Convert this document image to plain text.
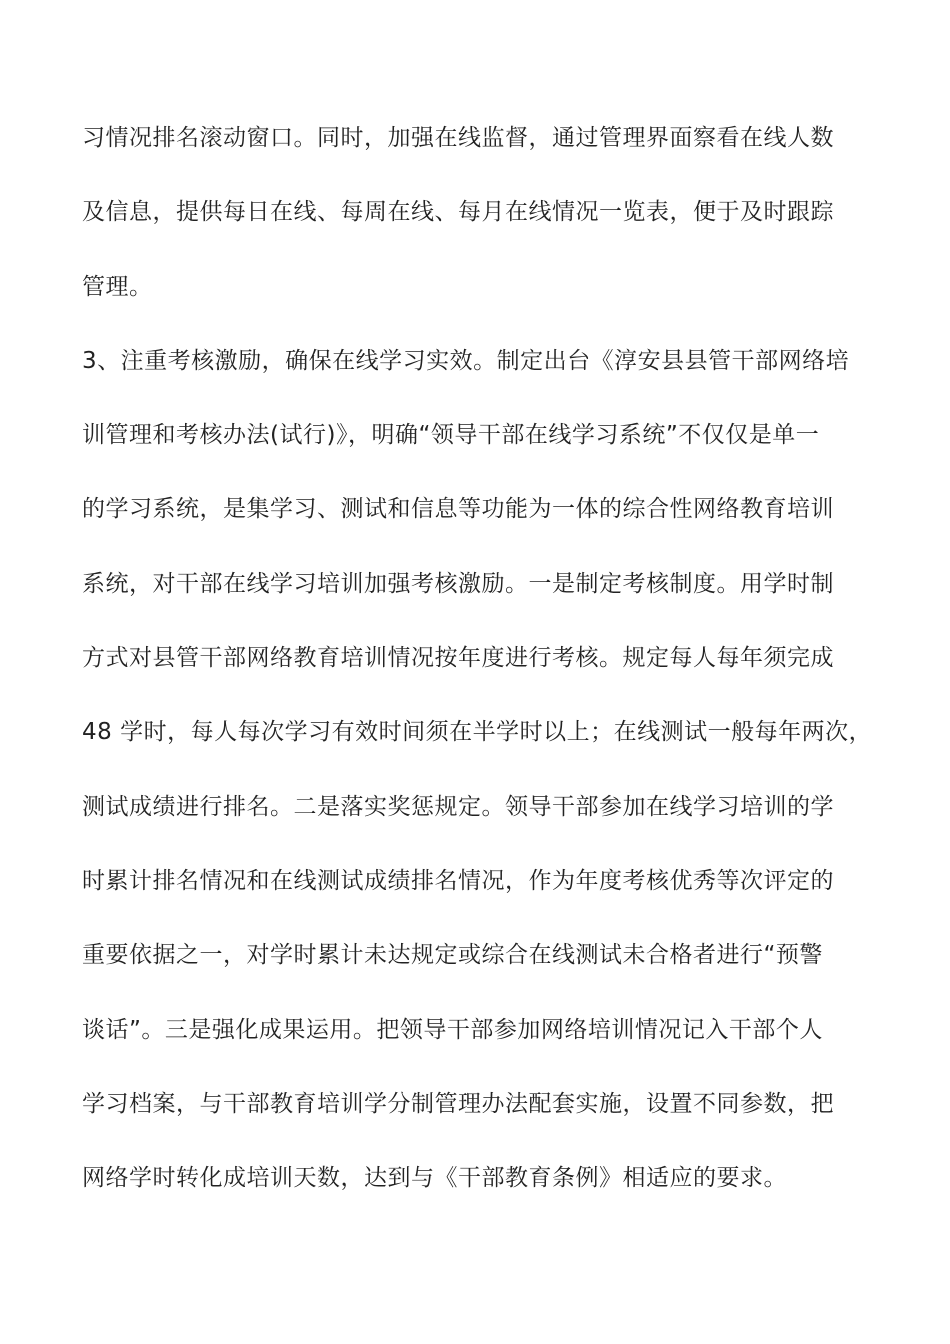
习情况排名滚动窗口。同时，加强在线监督，通过管理界面察看在线人数
及信息，提供每日在线、每周在线、每月在线情况一览表，便于及时跟踪
管理。
3、注重考核激励，确保在线学习实效。制定出台《淳安县县管干部网络培
训管理和考核办法(试行)》，明确“领导干部在线学习系统”不仅仅是单一
的学习系统，是集学习、测试和信息等功能为一体的综合性网络教育培训
系统，对干部在线学习培训加强考核激励。一是制定考核制度。用学时制
方式对县管干部网络教育培训情况按年度进行考核。规定每人每年须完成
48 学时，每人每次学习有效时间须在半学时以上；在线测试一般每年两次，
测试成绩进行排名。二是落实奖惩规定。领导干部参加在线学习培训的学
时累计排名情况和在线测试成绩排名情况，作为年度考核优秀等次评定的
重要依据之一，对学时累计未达规定或综合在线测试未合格者进行“预警
谈话”。三是强化成果运用。把领导干部参加网络培训情况记入干部个人
学习档案，与干部教育培训学分制管理办法配套实施，设置不同参数，把
网络学时转化成培训天数，达到与《干部教育条例》相适应的要求。
